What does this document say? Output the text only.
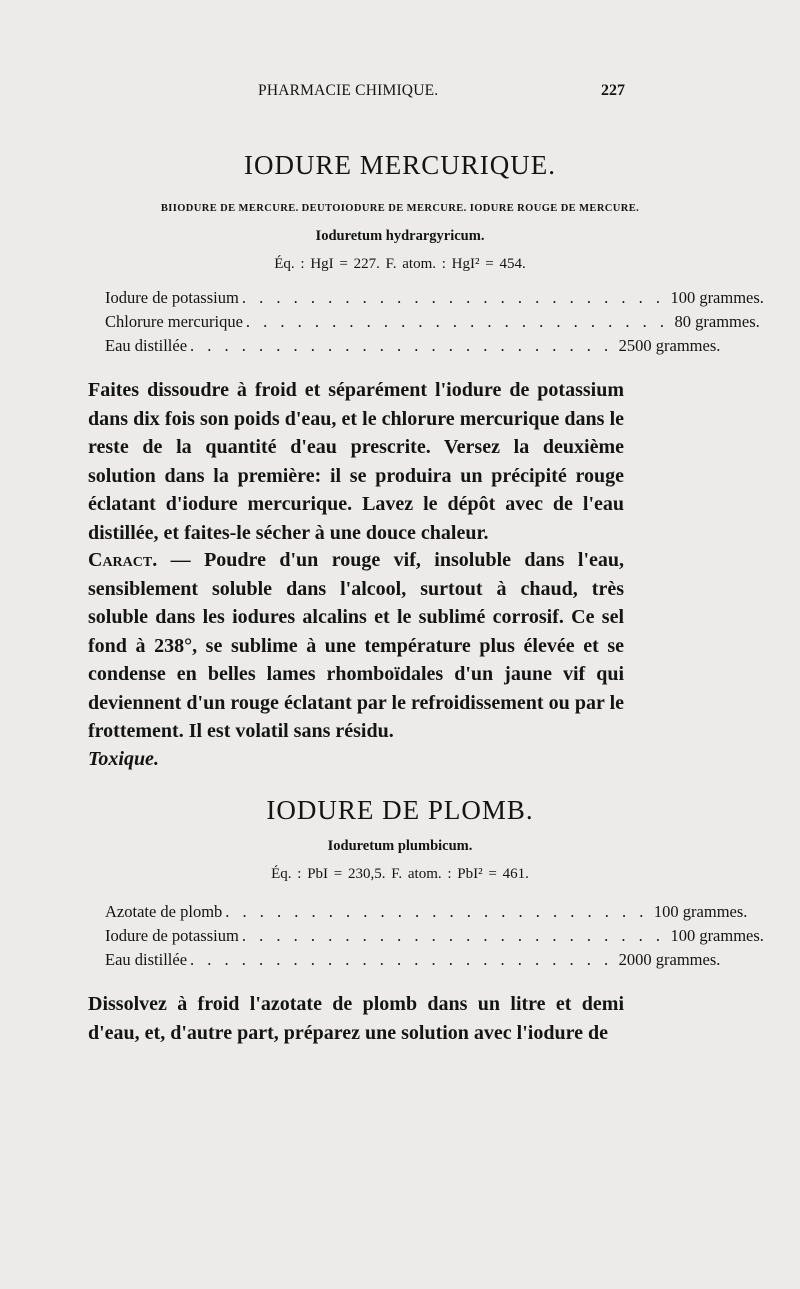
PHARMACIE CHIMIQUE.	227
IODURE MERCURIQUE.
BIIODURE DE MERCURE. DEUTOIODURE DE MERCURE. IODURE ROUGE DE MERCURE.
Ioduretum hydrargyricum.
Éq. : HgI = 227. F. atom. : HgI² = 454.
Iodure de potassium . . . . . . . . . . . . . . . . . . . . . . . . . 100 grammes.
Chlorure mercurique . . . . . . . . . . . . . . . . . . . . . . . . . 80 grammes.
Eau distillée . . . . . . . . . . . . . . . . . . . . . . . . . 2500 grammes.

Faites dissoudre à froid et séparément l'iodure de potassium dans dix fois son poids d'eau, et le chlorure mercurique dans le reste de la quantité d'eau prescrite. Versez la deuxième solution dans la première: il se produira un précipité rouge éclatant d'iodure mercurique. Lavez le dépôt avec de l'eau distillée, et faites-le sécher à une douce chaleur.

Caract. — Poudre d'un rouge vif, insoluble dans l'eau, sensiblement soluble dans l'alcool, surtout à chaud, très soluble dans les iodures alcalins et le sublimé corrosif. Ce sel fond à 238°, se sublime à une température plus élevée et se condense en belles lames rhomboïdales d'un jaune vif qui deviennent d'un rouge éclatant par le refroidissement ou par le frottement. Il est volatil sans résidu.

Toxique.
IODURE DE PLOMB.
Ioduretum plumbicum.
Éq. : PbI = 230,5. F. atom. : PbI² = 461.
Azotate de plomb . . . . . . . . . . . . . . . . . . . . . . . . . 100 grammes.
Iodure de potassium . . . . . . . . . . . . . . . . . . . . . . . . . 100 grammes.
Eau distillée . . . . . . . . . . . . . . . . . . . . . . . . . 2000 grammes.

Dissolvez à froid l'azotate de plomb dans un litre et demi d'eau, et, d'autre part, préparez une solution avec l'iodure de
